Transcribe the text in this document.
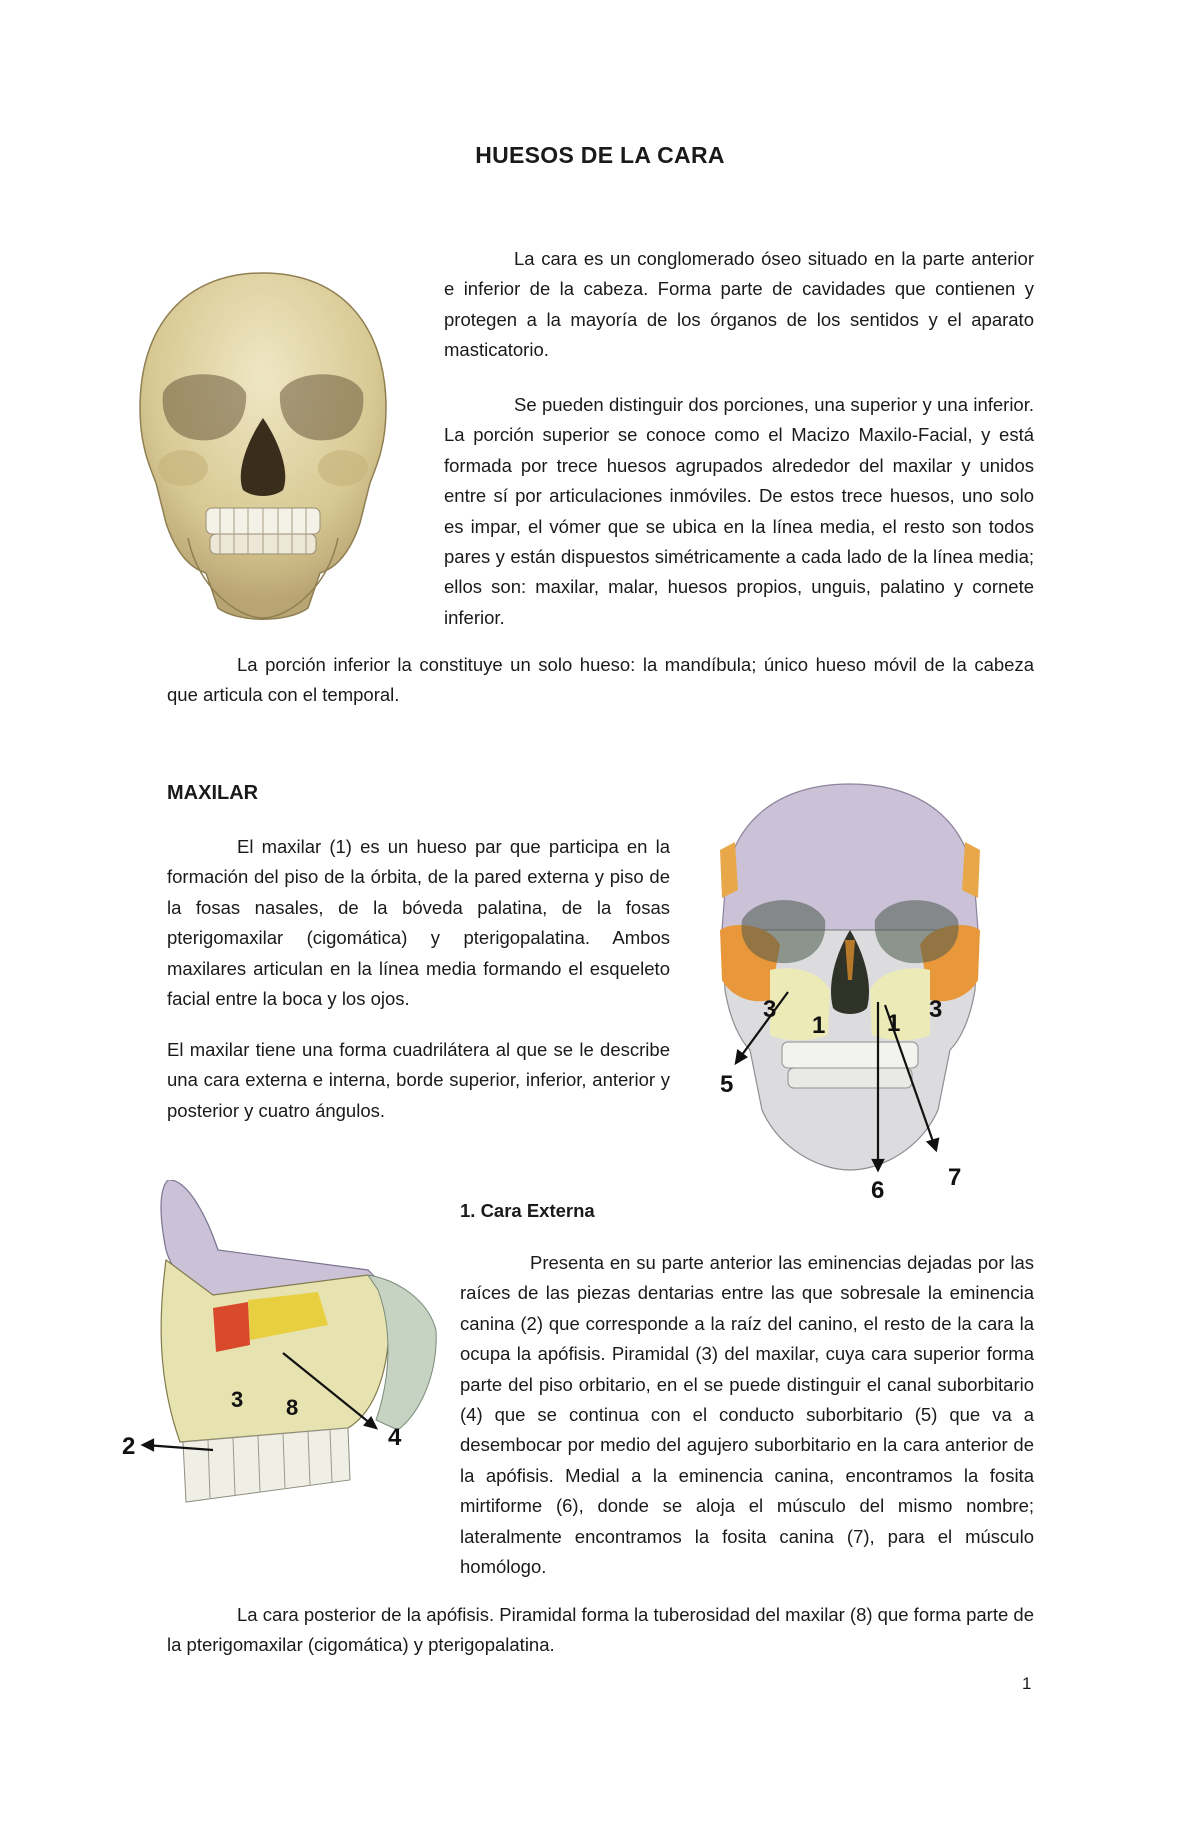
HUESOS DE LA CARA

La cara es un conglomerado óseo situado en la parte anterior e inferior de la cabeza. Forma parte de cavidades que contienen y protegen a la mayoría de los órganos de los sentidos y el aparato masticatorio.

Se pueden distinguir dos porciones, una superior y una inferior. La porción superior se conoce como el Macizo Maxilo-Facial, y está formada por trece huesos agrupados alrededor del maxilar y unidos entre sí por articulaciones inmóviles. De estos trece huesos, uno solo es impar, el vómer que se ubica en la línea media, el resto son todos pares y están dispuestos simétricamente a cada lado de la línea media; ellos son: maxilar, malar, huesos propios, unguis, palatino y cornete inferior.

La porción inferior la constituye un solo hueso: la mandíbula; único hueso móvil de la cabeza que articula con el temporal.

MAXILAR

El maxilar (1) es un hueso par que participa en la formación del piso de la órbita, de la pared externa y piso de la fosas nasales, de la bóveda palatina, de la fosas pterigomaxilar (cigomática) y pterigopalatina. Ambos maxilares articulan en la línea media formando el esqueleto facial entre la boca y los ojos.

El maxilar tiene una forma cuadrilátera al que se le describe una cara externa e interna, borde superior, inferior, anterior y posterior y cuatro ángulos.

3	3
1	1
5
6	7
2
3
4
8
1. Cara Externa

Presenta en su parte anterior las eminencias dejadas por las raíces de las piezas dentarias entre las que sobresale la eminencia canina (2) que corresponde a la raíz del canino, el resto de la cara la ocupa la apófisis. Piramidal (3) del maxilar, cuya cara superior forma parte del piso orbitario, en el se puede distinguir el canal suborbitario (4) que se continua con el conducto suborbitario (5) que va a desembocar por medio del agujero suborbitario en la cara anterior de la apófisis. Medial a la eminencia canina, encontramos la fosita mirtiforme (6), donde se aloja el músculo del mismo nombre; lateralmente encontramos la fosita canina (7), para el músculo homólogo.

La cara posterior de la apófisis. Piramidal forma la tuberosidad del maxilar (8) que forma parte de la pterigomaxilar (cigomática) y pterigopalatina.

1
